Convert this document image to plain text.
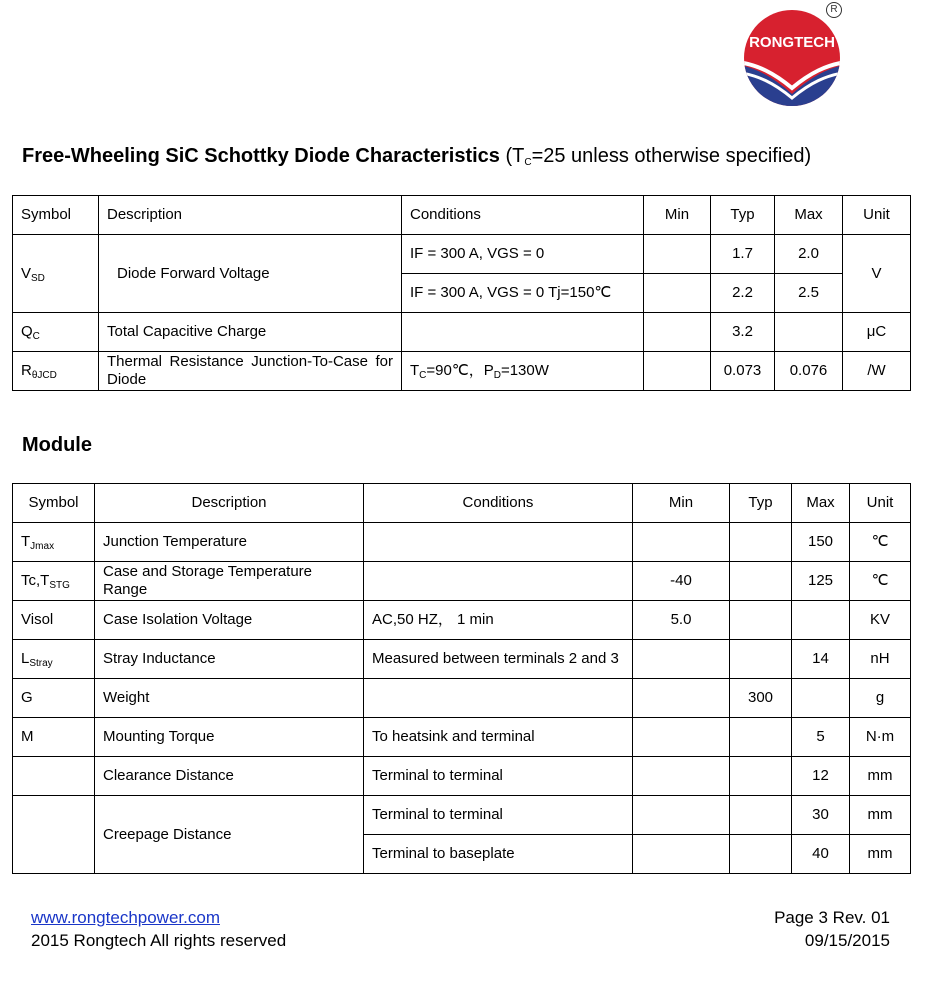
RONGTECH
R
Free-Wheeling SiC Schottky Diode Characteristics ($T_C=25$ unless otherwise specified)
Symbol	Description	Conditions	Min	Typ	Max	Unit
$V_{SD}$	Diode Forward Voltage	IF = 300 A, VGS = 0		1.7	2.0	V
		IF = 300 A, VGS = 0 Tj=150℃		2.2	2.5	
$Q_C$	Total Capacitive Charge			3.2		μC
$R_{\theta JCD}$	Thermal Resistance Junction-To-Case for Diode	$T_C=90℃$，$P_D=130W$		0.073	0.076	/W
Module
Symbol	Description	Conditions	Min	Typ	Max	Unit
$T_{Jmax}$	Junction Temperature				150	℃
$Tc,T_{STG}$	Case and Storage Temperature Range		-40		125	℃
Visol	Case Isolation Voltage	AC,50 HZ， 1 min	5.0			KV
$L_{Stray}$	Stray Inductance	Measured between terminals 2 and 3			14	nH
G	Weight			300		g
M	Mounting Torque	To heatsink and terminal			5	N·m
	Clearance Distance	Terminal to terminal			12	mm
	Creepage Distance	Terminal to terminal			30	mm
		Terminal to baseplate			40	mm
www.rongtechpower.com
2015 Rongtech All rights reserved
Page 3 Rev. 01
09/15/2015
